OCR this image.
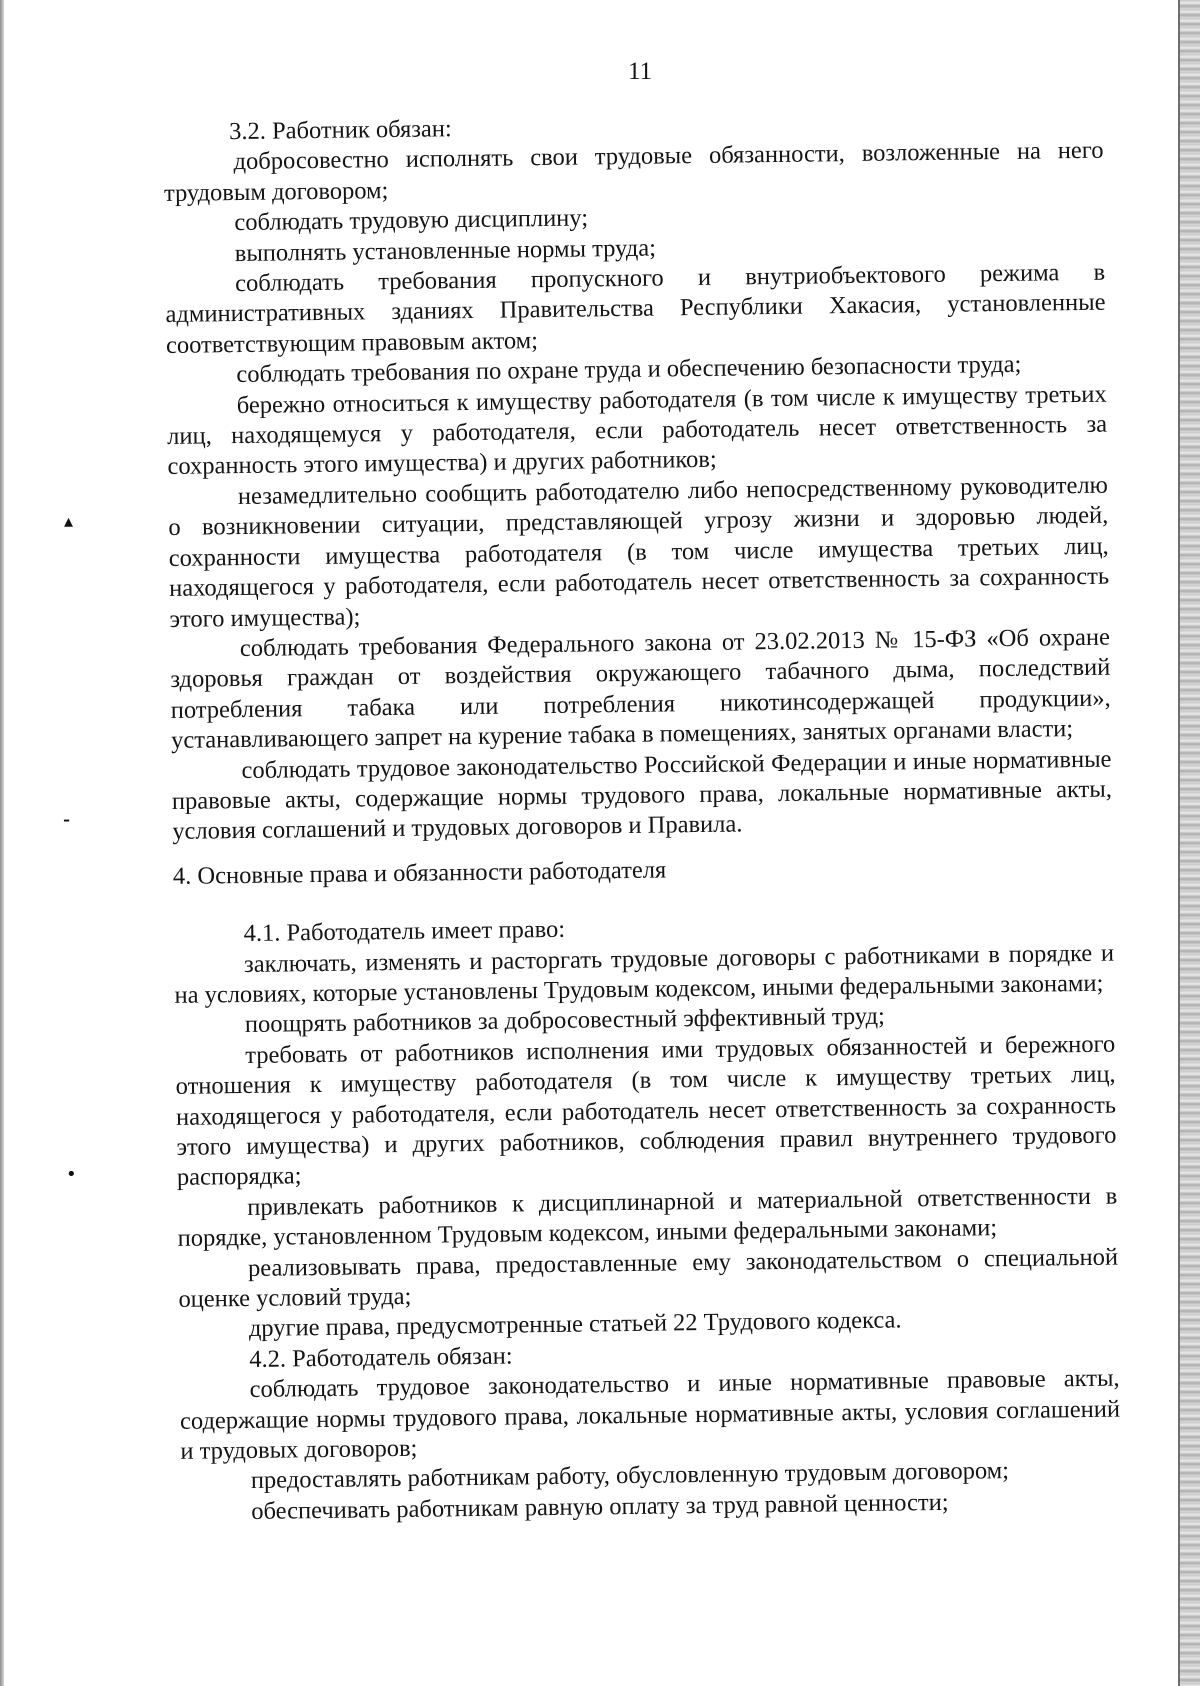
▴
⁃
•
11

3.2. Работник обязан:

добросовестно исполнять свои трудовые обязанности, возложенные на него трудовым договором;

соблюдать трудовую дисциплину;

выполнять установленные нормы труда;

соблюдать требования пропускного и внутриобъектового режима в административных зданиях Правительства Республики Хакасия, установленные соответствующим правовым актом;

соблюдать требования по охране труда и обеспечению безопасности труда;

бережно относиться к имуществу работодателя (в том числе к имуществу третьих лиц, находящемуся у работодателя, если работодатель несет ответственность за сохранность этого имущества) и других работников;

незамедлительно сообщить работодателю либо непосредственному руководителю о возникновении ситуации, представляющей угрозу жизни и здоровью людей, сохранности имущества работодателя (в том числе имущества третьих лиц, находящегося у работодателя, если работодатель несет ответственность за сохранность этого имущества);

соблюдать требования Федерального закона от 23.02.2013 № 15-ФЗ «Об охране здоровья граждан от воздействия окружающего табачного дыма, последствий потребления табака или потребления никотинсодержащей продукции», устанавливающего запрет на курение табака в помещениях, занятых органами власти;

соблюдать трудовое законодательство Российской Федерации и иные нормативные правовые акты, содержащие нормы трудового права, локальные нормативные акты, условия соглашений и трудовых договоров и Правила.

4. Основные права и обязанности работодателя

4.1. Работодатель имеет право:

заключать, изменять и расторгать трудовые договоры с работниками в порядке и на условиях, которые установлены Трудовым кодексом, иными федеральными законами;

поощрять работников за добросовестный эффективный труд;

требовать от работников исполнения ими трудовых обязанностей и бережного отношения к имуществу работодателя (в том числе к имуществу третьих лиц, находящегося у работодателя, если работодатель несет ответственность за сохранность этого имущества) и других работников, соблюдения правил внутреннего трудового распорядка;

привлекать работников к дисциплинарной и материальной ответственности в порядке, установленном Трудовым кодексом, иными федеральными законами;

реализовывать права, предоставленные ему законодательством о специальной оценке условий труда;

другие права, предусмотренные статьей 22 Трудового кодекса.

4.2. Работодатель обязан:

соблюдать трудовое законодательство и иные нормативные правовые акты, содержащие нормы трудового права, локальные нормативные акты, условия соглашений и трудовых договоров;

предоставлять работникам работу, обусловленную трудовым договором;

обеспечивать работникам равную оплату за труд равной ценности;
